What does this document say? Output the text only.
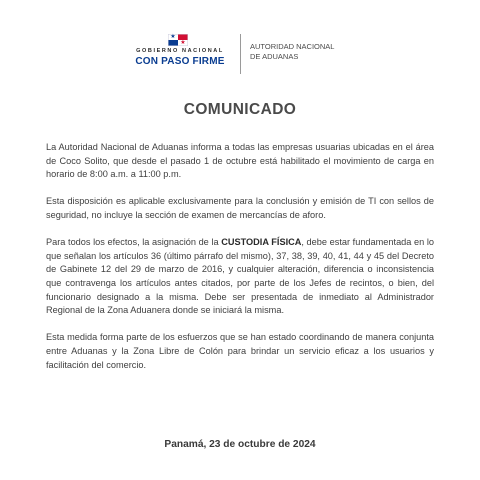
★
★
GOBIERNO NACIONAL
CON PASO FIRME
AUTORIDAD NACIONAL
DE ADUANAS
COMUNICADO

La Autoridad Nacional de Aduanas informa a todas las empresas usuarias ubicadas en el área de Coco Solito, que desde el pasado 1 de octubre está habilitado el movimiento de carga en horario de 8:00 a.m. a 11:00 p.m.

Esta disposición es aplicable exclusivamente para la conclusión y emisión de TI con sellos de seguridad, no incluye la sección de examen de mercancías de aforo.

Para todos los efectos, la asignación de la CUSTODIA FÍSICA, debe estar fundamentada en lo que señalan los artículos 36 (último párrafo del mismo), 37, 38, 39, 40, 41, 44 y 45 del Decreto de Gabinete 12 del 29 de marzo de 2016, y cualquier alteración, diferencia o inconsistencia que contravenga los artículos antes citados, por parte de los Jefes de recintos, o bien, del funcionario designado a la misma. Debe ser presentada de inmediato al Administrador Regional de la Zona Aduanera donde se iniciará la misma.

Esta medida forma parte de los esfuerzos que se han estado coordinando de manera conjunta entre Aduanas y la Zona Libre de Colón para brindar un servicio eficaz a los usuarios y facilitación del comercio.

Panamá, 23 de octubre de 2024
